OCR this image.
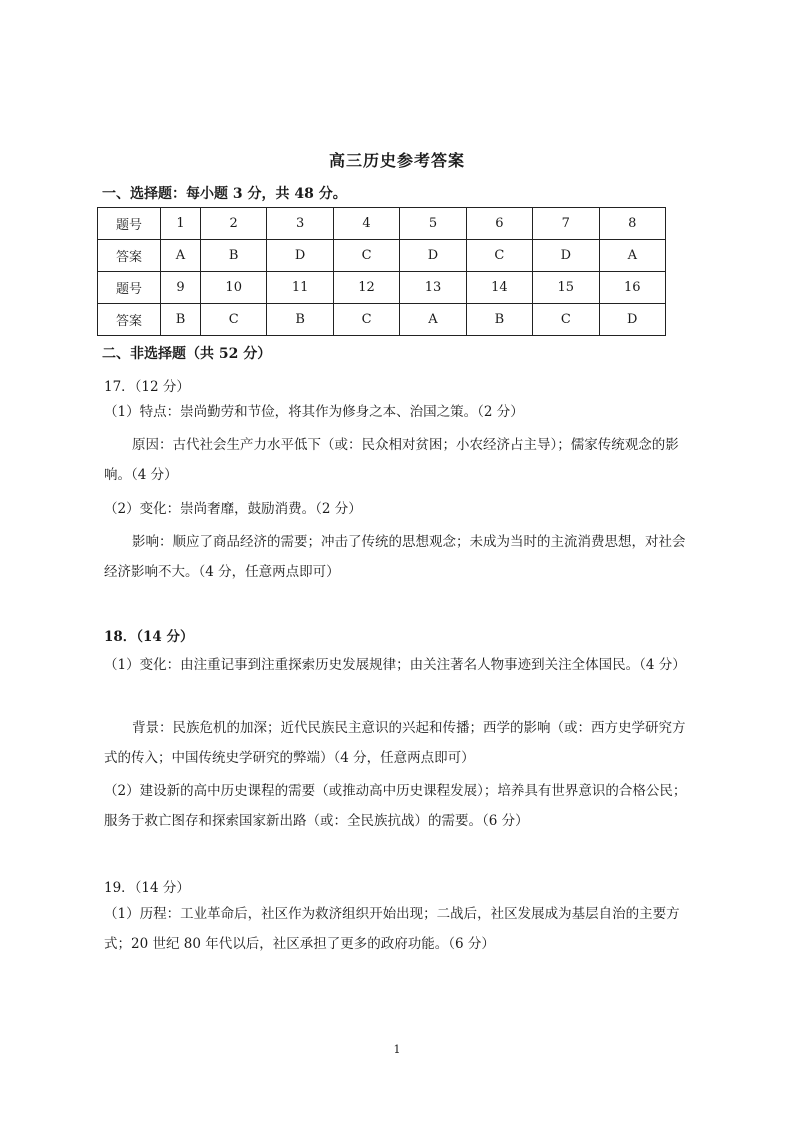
高三历史参考答案
一、选择题：每小题 3 分，共 48 分。
题号	1	2	3	4	5	6	7	8
答案	A	B	D	C	D	C	D	A
题号	9	10	11	12	13	14	15	16
答案	B	C	B	C	A	B	C	D
二、非选择题（共 52 分）
17．（12 分）
（1）特点：崇尚勤劳和节俭，将其作为修身之本、治国之策。（2 分）
原因：古代社会生产力水平低下（或：民众相对贫困；小农经济占主导）；儒家传统观念的影响。（4 分）
（2）变化：崇尚奢靡，鼓励消费。（2 分）
影响：顺应了商品经济的需要；冲击了传统的思想观念；未成为当时的主流消费思想，对社会经济影响不大。（4 分，任意两点即可）
18．（14 分）
（1）变化：由注重记事到注重探索历史发展规律；由关注著名人物事迹到关注全体国民。（4 分）
背景：民族危机的加深；近代民族民主意识的兴起和传播；西学的影响（或：西方史学研究方式的传入；中国传统史学研究的弊端）（4 分，任意两点即可）
（2）建设新的高中历史课程的需要（或推动高中历史课程发展）；培养具有世界意识的合格公民；服务于救亡图存和探索国家新出路（或：全民族抗战）的需要。（6 分）
19．（14 分）
（1）历程：工业革命后，社区作为救济组织开始出现；二战后，社区发展成为基层自治的主要方式；20 世纪 80 年代以后，社区承担了更多的政府功能。（6 分）
1
